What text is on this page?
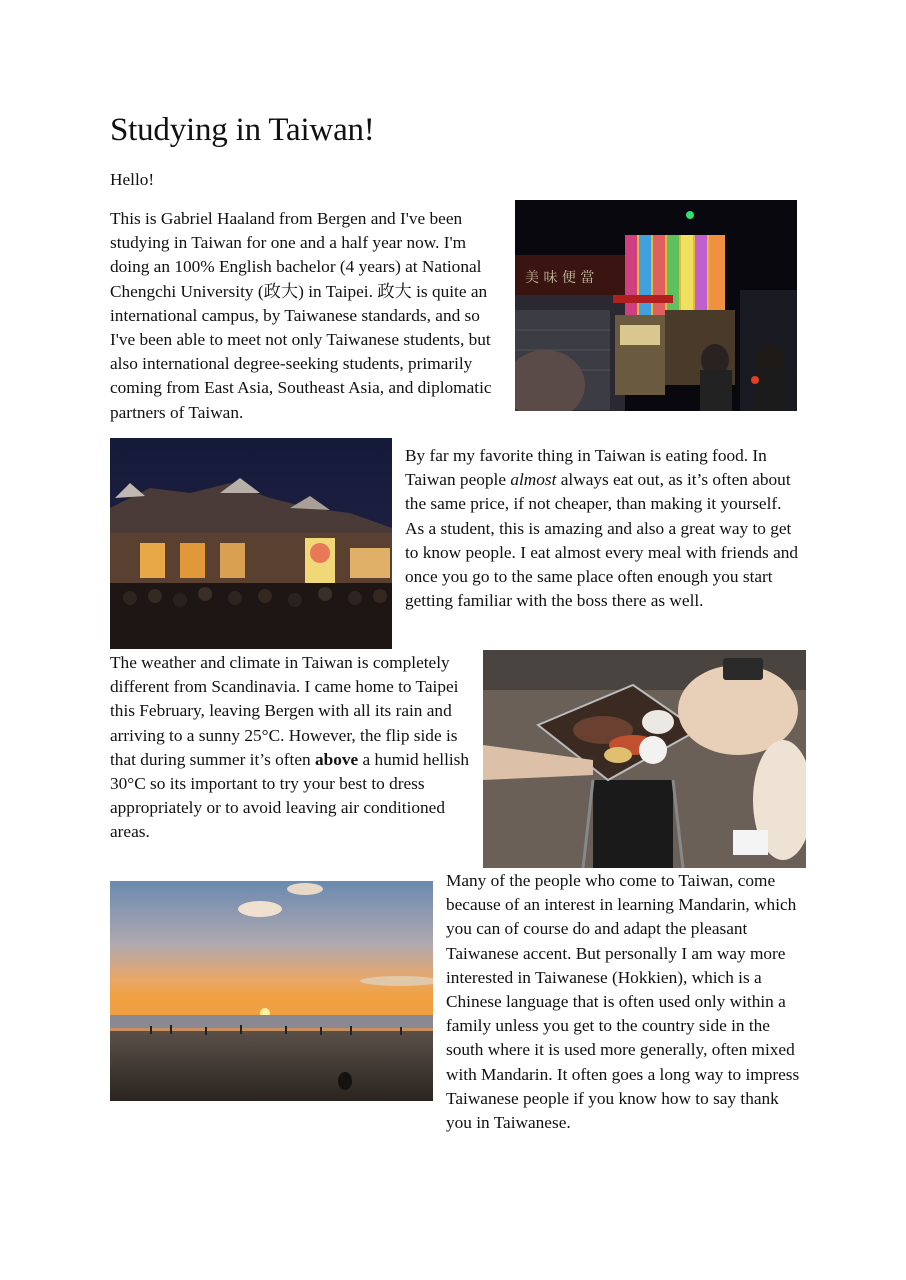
Studying in Taiwan!

Hello!

This is Gabriel Haaland from Bergen and I've been studying in Taiwan for one and a half year now. I'm doing an 100% English bachelor (4 years) at National Chengchi University (政大) in Taipei. 政大 is quite an international campus, by Taiwanese standards, and so I've been able to meet not only Taiwanese students, but also international degree-seeking students, primarily coming from East Asia, Southeast Asia, and diplomatic partners of Taiwan.

美 味 便 當

By far my favorite thing in Taiwan is eating food. In Taiwan people almost always eat out, as it’s often about the same price, if not cheaper, than making it yourself. As a student, this is amazing and also a great way to get to know people. I eat almost every meal with friends and once you go to the same place often enough you start getting familiar with the boss there as well.

The weather and climate in Taiwan is completely different from Scandinavia. I came home to Taipei this February, leaving Bergen with all its rain and arriving to a sunny 25°C. However, the flip side is that during summer it’s often above a humid hellish 30°C so its important to try your best to dress appropriately or to avoid leaving air conditioned areas.

Many of the people who come to Taiwan, come because of an interest in learning Mandarin, which you can of course do and adapt the pleasant Taiwanese accent. But personally I am way more interested in Taiwanese (Hokkien), which is a Chinese language that is often used only within a family unless you get to the country side in the south where it is used more generally, often mixed with Mandarin. It often goes a long way to impress Taiwanese people if you know how to say thank you in Taiwanese.
